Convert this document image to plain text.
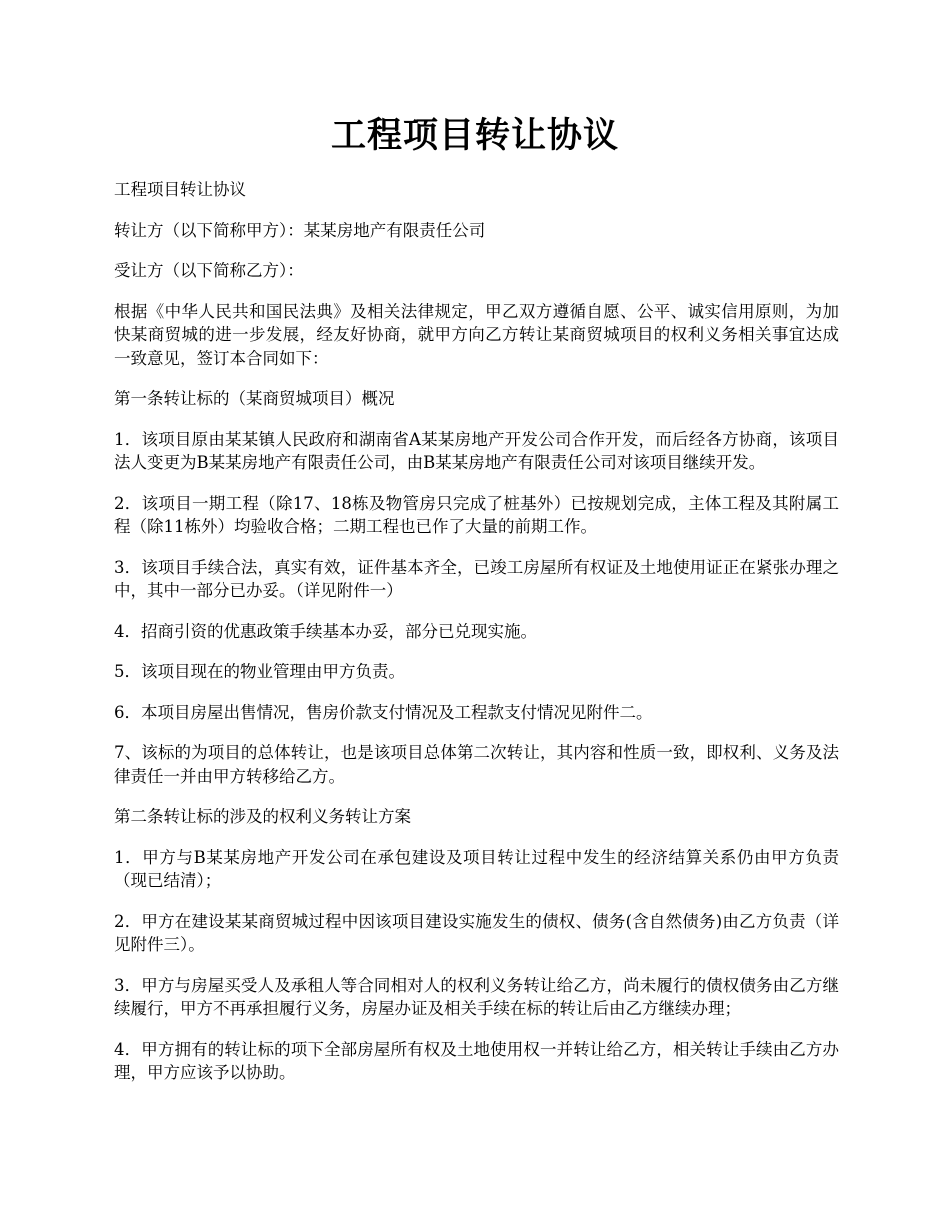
工程项目转让协议

工程项目转让协议

转让方（以下简称甲方）：某某房地产有限责任公司

受让方（以下简称乙方）：

根据《中华人民共和国民法典》及相关法律规定，甲乙双方遵循自愿、公平、诚实信用原则，为加快某商贸城的进一步发展，经友好协商，就甲方向乙方转让某商贸城项目的权利义务相关事宜达成一致意见，签订本合同如下：

第一条转让标的（某商贸城项目）概况

1．该项目原由某某镇人民政府和湖南省A某某房地产开发公司合作开发，而后经各方协商，该项目法人变更为B某某房地产有限责任公司，由B某某房地产有限责任公司对该项目继续开发。

2．该项目一期工程（除17、18栋及物管房只完成了桩基外）已按规划完成，主体工程及其附属工程（除11栋外）均验收合格；二期工程也已作了大量的前期工作。

3．该项目手续合法，真实有效，证件基本齐全，已竣工房屋所有权证及土地使用证正在紧张办理之中，其中一部分已办妥。（详见附件一）

4．招商引资的优惠政策手续基本办妥，部分已兑现实施。

5．该项目现在的物业管理由甲方负责。

6．本项目房屋出售情况，售房价款支付情况及工程款支付情况见附件二。

7、该标的为项目的总体转让，也是该项目总体第二次转让，其内容和性质一致，即权利、义务及法律责任一并由甲方转移给乙方。

第二条转让标的涉及的权利义务转让方案

1．甲方与B某某房地产开发公司在承包建设及项目转让过程中发生的经济结算关系仍由甲方负责（现已结清）；

2．甲方在建设某某商贸城过程中因该项目建设实施发生的债权、债务(含自然债务)由乙方负责（详见附件三）。

3．甲方与房屋买受人及承租人等合同相对人的权利义务转让给乙方，尚未履行的债权债务由乙方继续履行，甲方不再承担履行义务，房屋办证及相关手续在标的转让后由乙方继续办理；

4．甲方拥有的转让标的项下全部房屋所有权及土地使用权一并转让给乙方，相关转让手续由乙方办理，甲方应该予以协助。
